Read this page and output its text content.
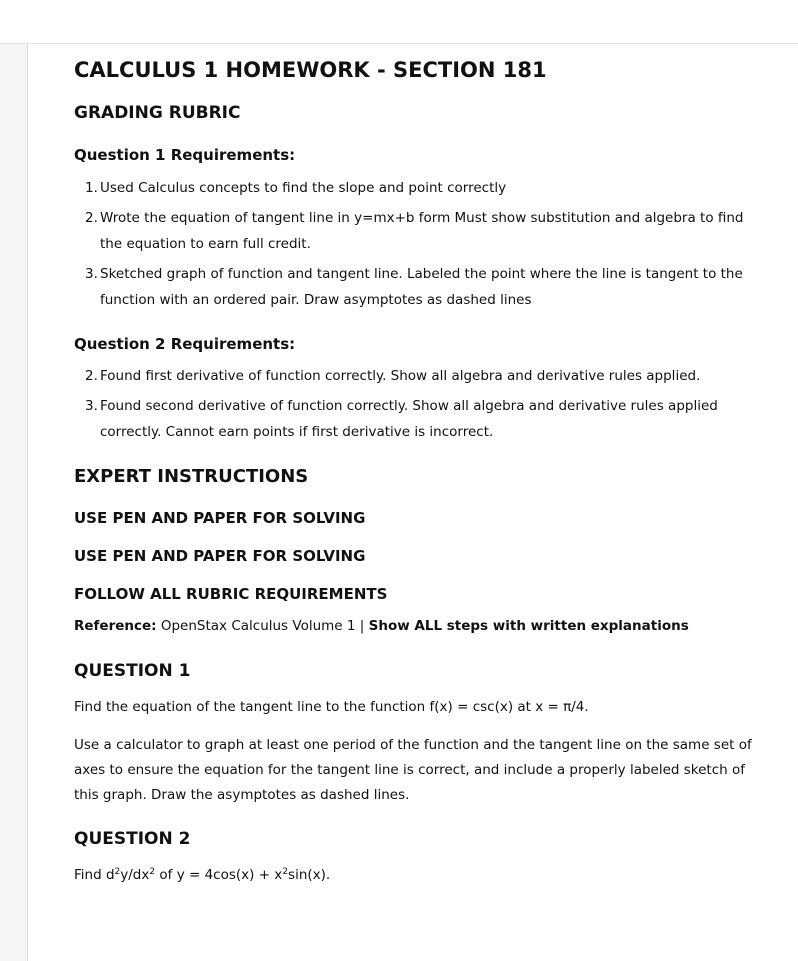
CALCULUS 1 HOMEWORK - SECTION 181
GRADING RUBRIC
Question 1 Requirements:
1. Used Calculus concepts to find the slope and point correctly
2. Wrote the equation of tangent line in y=mx+b form Must show substitution and algebra to find the equation to earn full credit.
3. Sketched graph of function and tangent line. Labeled the point where the line is tangent to the function with an ordered pair. Draw asymptotes as dashed lines
Question 2 Requirements:
2. Found first derivative of function correctly. Show all algebra and derivative rules applied.
3. Found second derivative of function correctly. Show all algebra and derivative rules applied correctly. Cannot earn points if first derivative is incorrect.
EXPERT INSTRUCTIONS
USE PEN AND PAPER FOR SOLVING
USE PEN AND PAPER FOR SOLVING
FOLLOW ALL RUBRIC REQUIREMENTS

Reference: OpenStax Calculus Volume 1 | Show ALL steps with written explanations

QUESTION 1

Find the equation of the tangent line to the function f(x) = csc(x) at x = π/4.

Use a calculator to graph at least one period of the function and the tangent line on the same set of axes to ensure the equation for the tangent line is correct, and include a properly labeled sketch of this graph. Draw the asymptotes as dashed lines.

QUESTION 2

Find $d^2y/dx^2$ of $y = 4\cos(x) + x^2\sin(x)$.
